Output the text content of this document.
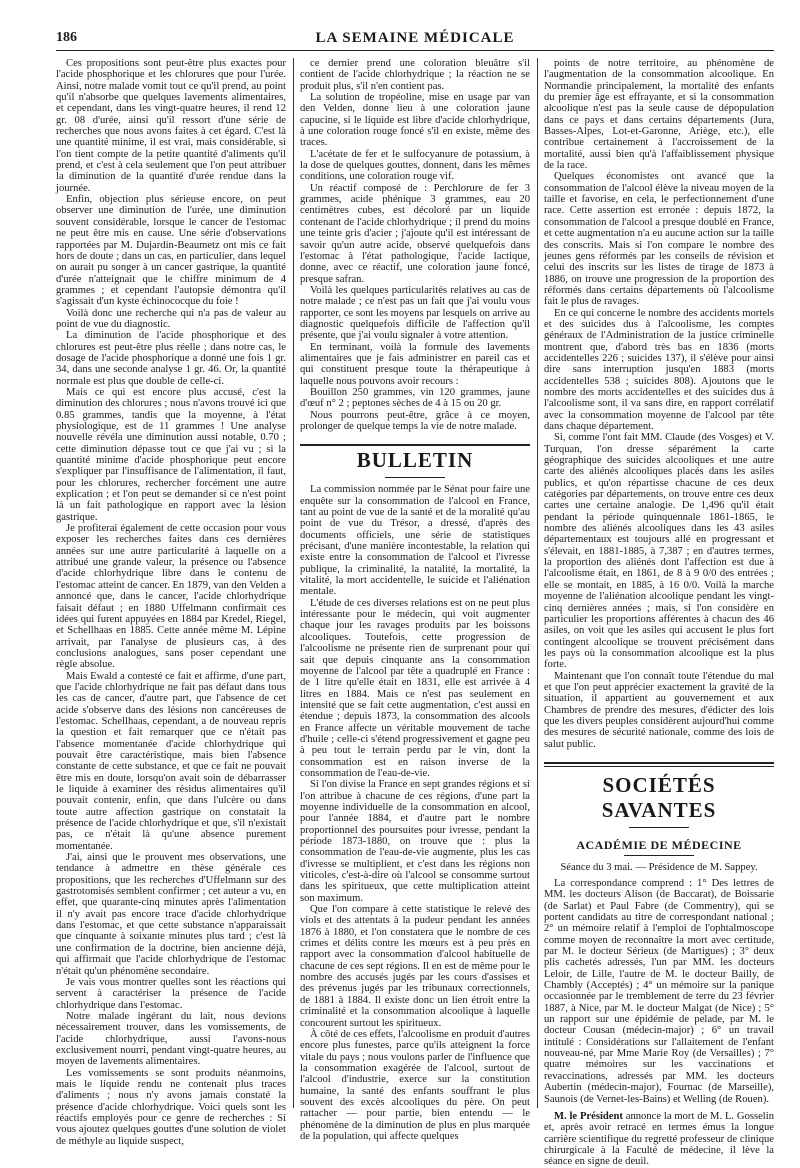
186	LA SEMAINE MÉDICALE

Ces propositions sont peut-être plus exactes pour l'acide phosphorique et les chlorures que pour l'urée. Ainsi, notre malade vomit tout ce qu'il prend, au point qu'il n'absorbe que quelques lavements alimentaires, et cependant, dans les vingt-quatre heures, il rend 12 gr. 08 d'urée, ainsi qu'il ressort d'une série de recherches que nous avons faites à cet égard. C'est là une quantité minime, il est vrai, mais considérable, si l'on tient compte de la petite quantité d'aliments qu'il prend, et c'est à cela seulement que l'on peut attribuer la diminution de la quantité d'urée rendue dans la journée.

Enfin, objection plus sérieuse encore, on peut observer une diminution de l'urée, une diminution souvent considérable, lorsque le cancer de l'estomac ne peut être mis en cause. Une série d'observations rapportées par M. Dujardin-Beaumetz ont mis ce fait hors de doute ; dans un cas, en particulier, dans lequel on aurait pu songer à un cancer gastrique, la quantité d'urée n'atteignait que le chiffre minimum de 4 grammes ; et cependant l'autopsie démontra qu'il s'agissait d'un kyste échinococque du foie !

Voilà donc une recherche qui n'a pas de valeur au point de vue du diagnostic.

La diminution de l'acide phosphorique et des chlorures est peut-être plus réelle ; dans notre cas, le dosage de l'acide phosphorique a donné une fois 1 gr. 34, dans une seconde analyse 1 gr. 46. Or, la quantité normale est plus que double de celle-ci.

Mais ce qui est encore plus accusé, c'est la diminution des chlorures ; nous n'avons trouvé ici que 0.85 grammes, tandis que la moyenne, à l'état physiologique, est de 11 grammes ! Une analyse nouvelle révéla une diminution aussi notable, 0.70 ; cette diminution dépasse tout ce que j'ai vu ; si la quantité minime d'acide phosphorique peut encore s'expliquer par l'insuffisance de l'alimentation, il faut, pour les chlorures, rechercher forcément une autre explication ; et l'on peut se demander si ce n'est point là un fait pathologique en rapport avec la lésion gastrique.

Je profiterai également de cette occasion pour vous exposer les recherches faites dans ces dernières années sur une autre particularité à laquelle on a attribué une grande valeur, la présence ou l'absence d'acide chlorhydrique libre dans le contenu de l'estomac atteint de cancer. En 1879, van den Velden a annoncé que, dans le cancer, l'acide chlorhydrique faisait défaut ; en 1880 Uffelmann confirmait ces idées qui furent appuyées en 1884 par Kredel, Riegel, et Schellhaas en 1885. Cette année même M. Lépine arrivait, par l'analyse de plusieurs cas, à des conclusions analogues, sans poser cependant une règle absolue.

Mais Ewald a contesté ce fait et affirme, d'une part, que l'acide chlorhydrique ne fait pas défaut dans tous les cas de cancer, d'autre part, que l'absence de cet acide s'observe dans des lésions non cancéreuses de l'estomac. Schellhaas, cependant, a de nouveau repris la question et fait remarquer que ce n'était pas l'absence momentanée d'acide chlorhydrique qui pouvait être caractéristique, mais bien l'absence constante de cette substance, et que ce fait ne pouvait être mis en doute, lorsqu'on avait soin de débarrasser le liquide à examiner des résidus alimentaires qu'il pouvait contenir, enfin, que dans l'ulcère ou dans toute autre affection gastrique on constatait la présence de l'acide chlorhydrique et que, s'il n'existait pas, ce n'était là qu'une absence purement momentanée.

J'ai, ainsi que le prouvent mes observations, une tendance à admettre en thèse générale ces propositions, que les recherches d'Uffelmann sur des gastrotomisés semblent confirmer ; cet auteur a vu, en effet, que quarante-cinq minutes après l'alimentation il n'y avait pas encore trace d'acide chlorhydrique dans l'estomac, et que cette substance n'apparaissait que cinquante à soixante minutes plus tard ; c'est là une confirmation de la doctrine, bien ancienne déjà, qui affirmait que l'acide chlorhydrique de l'estomac n'était qu'un phénomène secondaire.

Je vais vous montrer quelles sont les réactions qui servent à caractériser la présence de l'acide chlorhydrique dans l'estomac.

Notre malade ingérant du lait, nous devions nécessairement trouver, dans les vomissements, de l'acide chlorhydrique, aussi l'avons-nous exclusivement nourri, pendant vingt-quatre heures, au moyen de lavements alimentaires.

Les vomissements se sont produits néanmoins, mais le liquide rendu ne contenait plus traces d'aliments ; nous n'y avons jamais constaté la présence d'acide chlorhydrique. Voici quels sont les réactifs employés pour ce genre de recherches : Si vous ajoutez quelques gouttes d'une solution de violet de méthyle au liquide suspect,

ce dernier prend une coloration bleuâtre s'il contient de l'acide chlorhydrique ; la réaction ne se produit plus, s'il n'en contient pas.

La solution de tropéoline, mise en usage par van den Velden, donne lieu à une coloration jaune capucine, si le liquide est libre d'acide chlorhydrique, à une coloration rouge foncé s'il en existe, même des traces.

L'acétate de fer et le sulfocyanure de potassium, à la dose de quelques gouttes, donnent, dans les mêmes conditions, une coloration rouge vif.

Un réactif composé de : Perchlorure de fer 3 grammes, acide phénique 3 grammes, eau 20 centimètres cubes, est décoloré par un liquide contenant de l'acide chlorhydrique ; il prend du moins une teinte gris d'acier ; j'ajoute qu'il est intéressant de savoir qu'un autre acide, observé quelquefois dans l'estomac à l'état pathologique, l'acide lactique, donne, avec ce réactif, une coloration jaune foncé, presque safran.

Voilà les quelques particularités relatives au cas de notre malade ; ce n'est pas un fait que j'ai voulu vous rapporter, ce sont les moyens par lesquels on arrive au diagnostic quelquefois difficile de l'affection qu'il présente, que j'ai voulu signaler à votre attention.

En terminant, voilà la formule des lavements alimentaires que je fais administrer en pareil cas et qui constituent presque toute la thérapeutique à laquelle nous pouvons avoir recours :

Bouillon 250 grammes, vin 120 grammes, jaune d'œuf n° 2 ; peptones sèches de 4 à 15 ou 20 gr.

Nous pourrons peut-être, grâce à ce moyen, prolonger de quelque temps la vie de notre malade.

BULLETIN

La commission nommée par le Sénat pour faire une enquête sur la consommation de l'alcool en France, tant au point de vue de la santé et de la moralité qu'au point de vue du Trésor, a dressé, d'après des documents officiels, une série de statistiques précisant, d'une manière incontestable, la relation qui existe entre la consommation de l'alcool et l'ivresse publique, la criminalité, la natalité, la mortalité, la vitalité, la mort accidentelle, le suicide et l'aliénation mentale.

L'étude de ces diverses relations est on ne peut plus intéressante pour le médecin, qui voit augmenter chaque jour les ravages produits par les boissons alcooliques. Toutefois, cette progression de l'alcoolisme ne présente rien de surprenant pour qui sait que depuis cinquante ans la consommation moyenne de l'alcool par tête a quadruplé en France : de 1 litre qu'elle était en 1831, elle est arrivée à 4 litres en 1884. Mais ce n'est pas seulement en intensité que se fait cette augmentation, c'est aussi en étendue ; depuis 1873, la consommation des alcools en France affecte un véritable mouvement de tache d'huile ; celle-ci s'étend progressivement et gagne peu à peu tout le terrain perdu par le vin, dont la consommation est en raison inverse de la consommation de l'eau-de-vie.

Si l'on divise la France en sept grandes régions et si l'on attribue à chacune de ces régions, d'une part la moyenne individuelle de la consommation en alcool, pour l'année 1884, et d'autre part le nombre proportionnel des poursuites pour ivresse, pendant la période 1873-1880, on trouve que : plus la consommation de l'eau-de-vie augmente, plus les cas d'ivresse se multiplient, et c'est dans les régions non viticoles, c'est-à-dire où l'alcool se consomme surtout dans les spiritueux, que cette multiplication atteint son maximum.

Que l'on compare à cette statistique le relevé des viols et des attentats à la pudeur pendant les années 1876 à 1880, et l'on constatera que le nombre de ces crimes et délits contre les mœurs est à peu près en rapport avec la consommation d'alcool habituelle de chacune de ces sept régions. Il en est de même pour le nombre des accusés jugés par les cours d'assises et des prévenus jugés par les tribunaux correctionnels, de 1881 à 1884. Il existe donc un lien étroit entre la criminalité et la consommation alcoolique à laquelle concourent surtout les spiritueux.

À côté de ces effets, l'alcoolisme en produit d'autres encore plus funestes, parce qu'ils atteignent la force vitale du pays ; nous voulons parler de l'influence que la consommation exagérée de l'alcool, surtout de l'alcool d'industrie, exerce sur la constitution humaine, la santé des enfants souffrant le plus souvent des excès alcooliques du père. On peut rattacher — pour partie, bien entendu — le phénomène de la diminution de plus en plus marquée de la population, qui affecte quelques

points de notre territoire, au phénomène de l'augmentation de la consommation alcoolique. En Normandie principalement, la mortalité des enfants du premier âge est effrayante, et si la consommation alcoolique n'est pas la seule cause de dépopulation dans ce pays et dans certains départements (Jura, Basses-Alpes, Lot-et-Garonne, Ariège, etc.), elle contribue certainement à l'accroissement de la mortalité, aussi bien qu'à l'affaiblissement physique de la race.

Quelques économistes ont avancé que la consommation de l'alcool élève la niveau moyen de la taille et favorise, en cela, le perfectionnement d'une race. Cette assertion est erronée : depuis 1872, la consommation de l'alcool a presque doublé en France, et cette augmentation n'a eu aucune action sur la taille des conscrits. Mais si l'on compare le nombre des jeunes gens réformés par les conseils de révision et celui des inscrits sur les listes de tirage de 1873 à 1886, on trouve une progression de la proportion des réformés dans certains départements où l'alcoolisme fait le plus de ravages.

En ce qui concerne le nombre des accidents mortels et des suicides dus à l'alcoolisme, les comptes généraux de l'Administration de la justice criminelle montrent que, d'abord très bas en 1836 (morts accidentelles 226 ; suicides 137), il s'élève pour ainsi dire sans interruption jusqu'en 1883 (morts accidentelles 538 ; suicides 808). Ajoutons que le nombre des morts accidentelles et des suicides dus à l'alcoolisme sont, il va sans dire, en rapport corrélatif avec la consommation moyenne de l'alcool par tête dans chaque département.

Si, comme l'ont fait MM. Claude (des Vosges) et V. Turquan, l'on dresse séparément la carte géographique des suicides alcooliques et une autre carte des aliénés alcooliques placés dans les asiles publics, et qu'on répartisse chacune de ces deux catégories par départements, on trouve entre ces deux cartes une certaine analogie. De 1,496 qu'il était pendant la période quinquennale 1861-1865, le nombre des aliénés alcooliques dans les 43 asiles départementaux est toujours allé en progressant et s'élevait, en 1881-1885, à 7,387 ; en d'autres termes, la proportion des aliénés dont l'affection est due à l'alcoolisme était, en 1861, de 8 à 9 0/0 des entrées ; elle se montait, en 1885, à 16 0/0. Voilà la marche moyenne de l'aliénation alcoolique pendant les vingt-cinq dernières années ; mais, si l'on considère en particulier les proportions afférentes à chacun des 46 asiles, on voit que les asiles qui accusent le plus fort contingent alcoolique se trouvent précisément dans les pays où la consommation alcoolique est la plus forte.

Maintenant que l'on connaît toute l'étendue du mal et que l'on peut apprécier exactement la gravité de la situation, il appartient au gouvernement et aux Chambres de prendre des mesures, d'édicter des lois que les divers peuples considèrent aujourd'hui comme des mesures de sécurité nationale, comme des lois de salut public.

SOCIÉTÉS SAVANTES
ACADÉMIE DE MÉDECINE
Séance du 3 mai. — Présidence de M. Sappey.

La correspondance comprend : 1° Des lettres de MM. les docteurs Alison (de Baccarat), de Boissarie (de Sarlat) et Paul Fabre (de Commentry), qui se portent candidats au titre de correspondant national ; 2° un mémoire relatif à l'emploi de l'ophtalmoscope comme moyen de reconnaître la mort avec certitude, par M. le docteur Sérieux (de Martigues) ; 3° deux plis cachetés adressés, l'un par MM. les docteurs Leloir, de Lille, l'autre de M. le docteur Bailly, de Chambly (Acceptés) ; 4° un mémoire sur la panique occasionnée par le tremblement de terre du 23 février 1887, à Nice, par M. le docteur Malgat (de Nice) ; 5° un rapport sur une épidémie de pelade, par M. le docteur Cousan (médecin-major) ; 6° un travail intitulé : Considérations sur l'allaitement de l'enfant nouveau-né, par Mme Marie Roy (de Versailles) ; 7° quatre mémoires sur les vaccinations et revaccinations, adressés par MM. les docteurs Aubertin (médecin-major), Fournac (de Marseille), Saunois (de Vernet-les-Bains) et Welling (de Rouen).

M. le Président annonce la mort de M. L. Gosselin et, après avoir retracé en termes émus la longue carrière scientifique du regretté professeur de clinique chirurgicale à la Faculté de médecine, il lève la séance en signe de deuil.
